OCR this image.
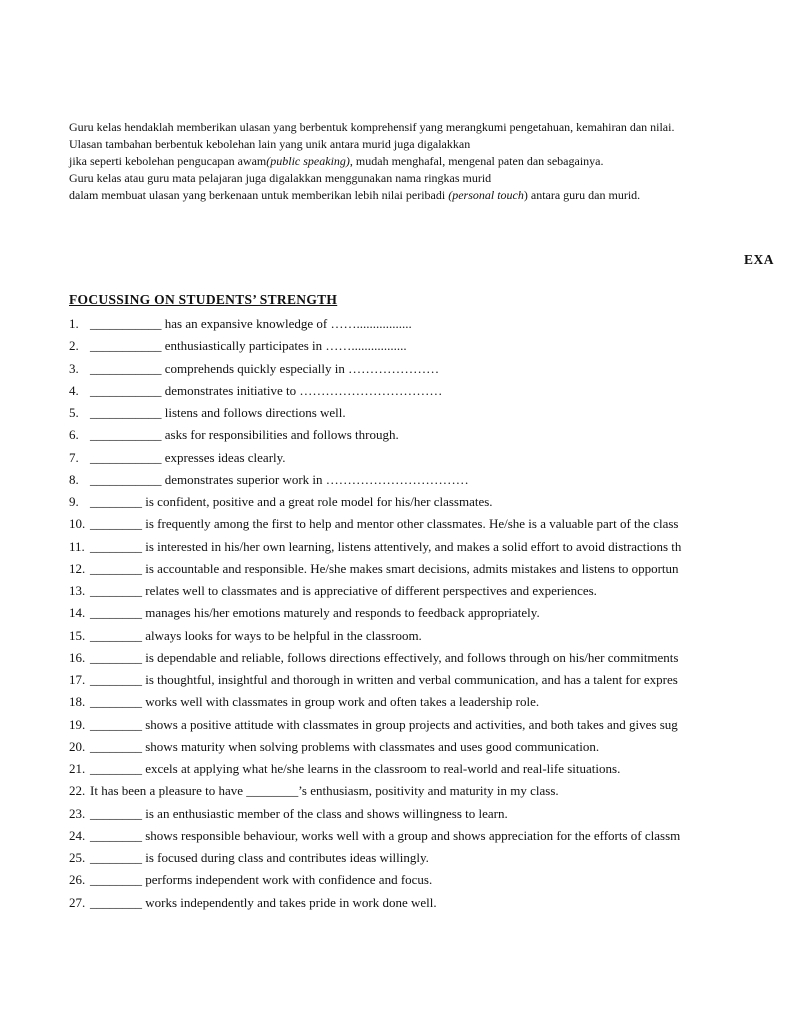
Guru kelas hendaklah memberikan ulasan yang berbentuk komprehensif yang merangkumi pengetahuan, kemahiran dan nilai.
Ulasan tambahan berbentuk kebolehan lain yang unik antara murid juga digalakkan
jika seperti kebolehan pengucapan awam(public speaking), mudah menghafal, mengenal paten dan sebagainya.
Guru kelas atau guru mata pelajaran juga digalakkan menggunakan nama ringkas murid
dalam membuat ulasan yang berkenaan untuk memberikan lebih nilai peribadi (personal touch) antara guru dan murid.
EXA
FOCUSSING ON STUDENTS’ STRENGTH
1. ___________ has an expansive knowledge of …….................
2. ___________ enthusiastically participates in …….................
3. ___________ comprehends quickly especially in …………………
4. ___________ demonstrates initiative to ……………………………
5. ___________ listens and follows directions well.
6. ___________ asks for responsibilities and follows through.
7. ___________ expresses ideas clearly.
8. ___________ demonstrates superior work in ……………………………
9. ________ is confident, positive and a great role model for his/her classmates.
10. ________ is frequently among the first to help and mentor other classmates. He/she is a valuable part of the class
11. ________ is interested in his/her own learning, listens attentively, and makes a solid effort to avoid distractions th
12. ________ is accountable and responsible. He/she makes smart decisions, admits mistakes and listens to opportun
13. ________ relates well to classmates and is appreciative of different perspectives and experiences.
14. ________ manages his/her emotions maturely and responds to feedback appropriately.
15. ________ always looks for ways to be helpful in the classroom.
16. ________ is dependable and reliable, follows directions effectively, and follows through on his/her commitments
17. ________ is thoughtful, insightful and thorough in written and verbal communication, and has a talent for expres
18. ________ works well with classmates in group work and often takes a leadership role.
19. ________ shows a positive attitude with classmates in group projects and activities, and both takes and gives sug
20. ________ shows maturity when solving problems with classmates and uses good communication.
21. ________ excels at applying what he/she learns in the classroom to real-world and real-life situations.
22. It has been a pleasure to have ________’s enthusiasm, positivity and maturity in my class.
23. ________ is an enthusiastic member of the class and shows willingness to learn.
24. ________ shows responsible behaviour, works well with a group and shows appreciation for the efforts of classm
25. ________ is focused during class and contributes ideas willingly.
26. ________ performs independent work with confidence and focus.
27. ________ works independently and takes pride in work done well.
